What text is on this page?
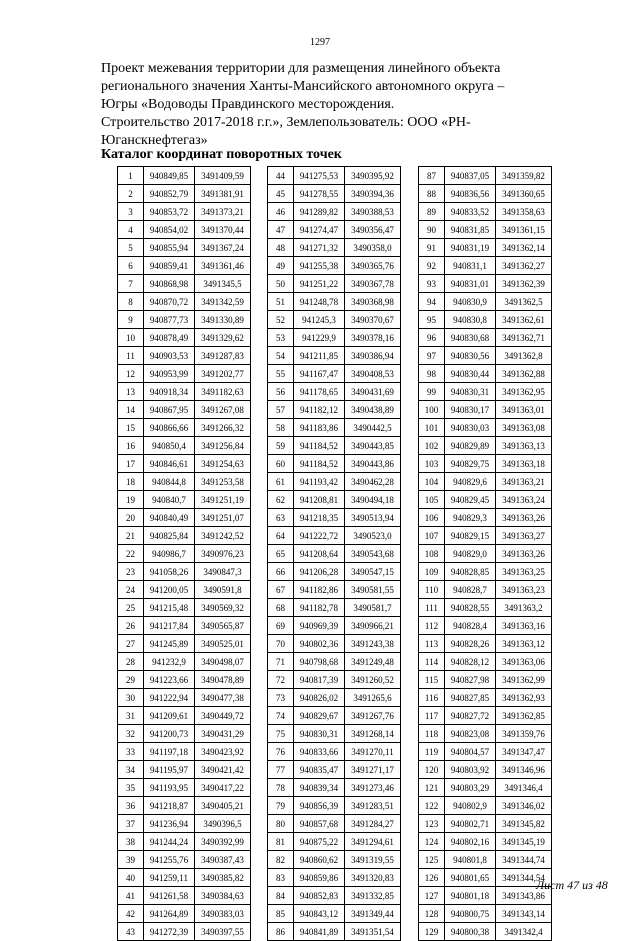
1297
Проект межевания территории для размещения линейного объекта
регионального значения Ханты-Мансийского автономного округа –
Югры «Водоводы Правдинского месторождения.
Строительство 2017-2018 г.г.», Землепользователь: ООО «РН-
Юганскнефтегаз»
Каталог координат поворотных точек
1	940849,85	3491409,59
2	940852,79	3491381,91
3	940853,72	3491373,21
4	940854,02	3491370,44
5	940855,94	3491367,24
6	940859,41	3491361,46
7	940868,98	3491345,5
8	940870,72	3491342,59
9	940877,73	3491330,89
10	940878,49	3491329,62
11	940903,53	3491287,83
12	940953,99	3491202,77
13	940918,34	3491182,63
14	940867,95	3491267,08
15	940866,66	3491266,32
16	940850,4	3491256,84
17	940846,61	3491254,63
18	940844,8	3491253,58
19	940840,7	3491251,19
20	940840,49	3491251,07
21	940825,84	3491242,52
22	940986,7	3490976,23
23	941058,26	3490847,3
24	941200,05	3490591,8
25	941215,48	3490569,32
26	941217,84	3490565,87
27	941245,89	3490525,01
28	941232,9	3490498,07
29	941223,66	3490478,89
30	941222,94	3490477,38
31	941209,61	3490449,72
32	941200,73	3490431,29
33	941197,18	3490423,92
34	941195,97	3490421,42
35	941193,95	3490417,22
36	941218,87	3490405,21
37	941236,94	3490396,5
38	941244,24	3490392,99
39	941255,76	3490387,43
40	941259,11	3490385,82
41	941261,58	3490384,63
42	941264,89	3490383,03
43	941272,39	3490397,55
44	941275,53	3490395,92
45	941278,55	3490394,36
46	941289,82	3490388,53
47	941274,47	3490356,47
48	941271,32	3490358,0
49	941255,38	3490365,76
50	941251,22	3490367,78
51	941248,78	3490368,98
52	941245,3	3490370,67
53	941229,9	3490378,16
54	941211,85	3490386,94
55	941167,47	3490408,53
56	941178,65	3490431,69
57	941182,12	3490438,89
58	941183,86	3490442,5
59	941184,52	3490443,85
60	941184,52	3490443,86
61	941193,42	3490462,28
62	941208,81	3490494,18
63	941218,35	3490513,94
64	941222,72	3490523,0
65	941208,64	3490543,68
66	941206,28	3490547,15
67	941182,86	3490581,55
68	941182,78	3490581,7
69	940969,39	3490966,21
70	940802,36	3491243,38
71	940798,68	3491249,48
72	940817,39	3491260,52
73	940826,02	3491265,6
74	940829,67	3491267,76
75	940830,31	3491268,14
76	940833,66	3491270,11
77	940835,47	3491271,17
78	940839,34	3491273,46
79	940856,39	3491283,51
80	940857,68	3491284,27
81	940875,22	3491294,61
82	940860,62	3491319,55
83	940859,86	3491320,83
84	940852,83	3491332,85
85	940843,12	3491349,44
86	940841,89	3491351,54
87	940837,05	3491359,82
88	940836,56	3491360,65
89	940833,52	3491358,63
90	940831,85	3491361,15
91	940831,19	3491362,14
92	940831,1	3491362,27
93	940831,01	3491362,39
94	940830,9	3491362,5
95	940830,8	3491362,61
96	940830,68	3491362,71
97	940830,56	3491362,8
98	940830,44	3491362,88
99	940830,31	3491362,95
100	940830,17	3491363,01
101	940830,03	3491363,08
102	940829,89	3491363,13
103	940829,75	3491363,18
104	940829,6	3491363,21
105	940829,45	3491363,24
106	940829,3	3491363,26
107	940829,15	3491363,27
108	940829,0	3491363,26
109	940828,85	3491363,25
110	940828,7	3491363,23
111	940828,55	3491363,2
112	940828,4	3491363,16
113	940828,26	3491363,12
114	940828,12	3491363,06
115	940827,98	3491362,99
116	940827,85	3491362,93
117	940827,72	3491362,85
118	940823,08	3491359,76
119	940804,57	3491347,47
120	940803,92	3491346,96
121	940803,29	3491346,4
122	940802,9	3491346,02
123	940802,71	3491345,82
124	940802,16	3491345,19
125	940801,8	3491344,74
126	940801,65	3491344,54
127	940801,18	3491343,86
128	940800,75	3491343,14
129	940800,38	3491342,4
Лист 47 из 48
